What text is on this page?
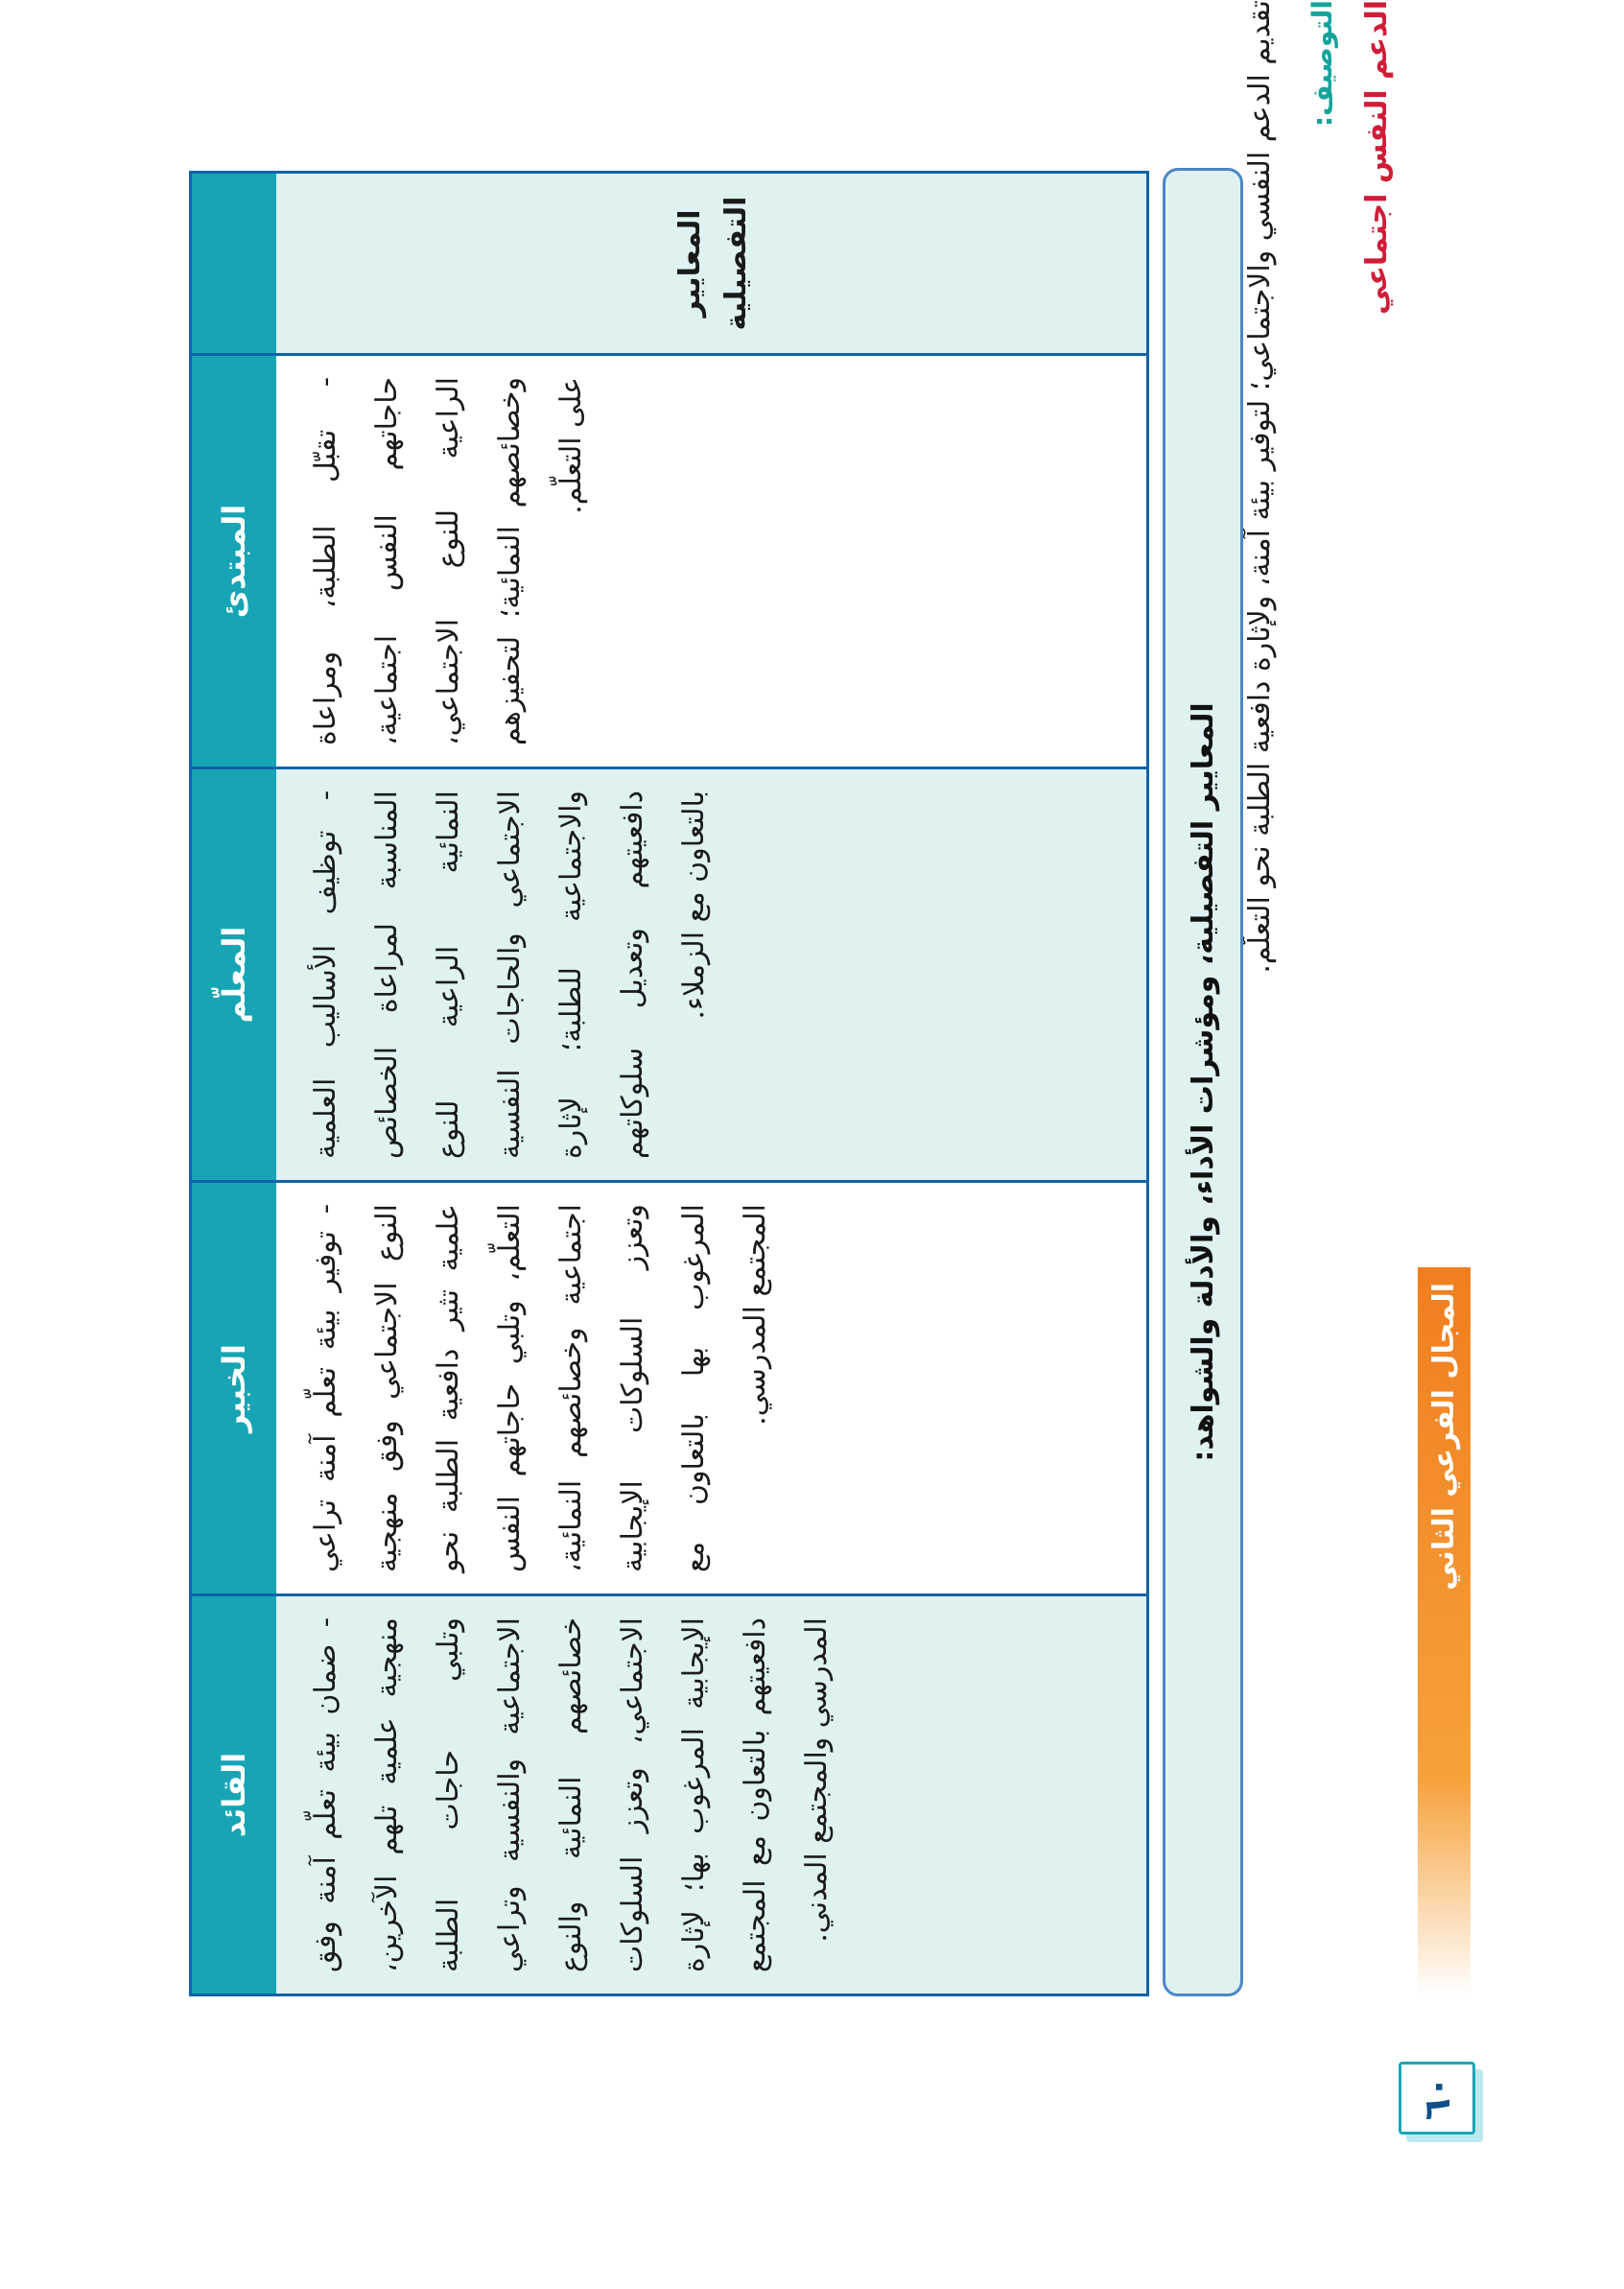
٦٠
المجال الفرعي الثاني
الدعم النفس اجتماعي
التوصيف:
تقديم الدعم النفسي والاجتماعي؛ لتوفير بيئة آمنة، ولإثارة دافعية الطلبة نحو التعلّم.
المعايير التفصيلية، ومؤشرات الأداء، والأدلة والشواهد:
المبتدئ
المعلّم
الخبير
القائد
المعايير التفصيلية
- تقبّل الطلبة، ومراعاة حاجاتهم النفس اجتماعية، الراعية للنوع الاجتماعي، وخصائصهم النمائية؛ لتحفيزهم على التعلّم.
- توظيف الأساليب العلمية المناسبة لمراعاة الخصائص النمائية الراعية للنوع الاجتماعي والحاجات النفسية والاجتماعية للطلبة؛ لإثارة دافعيتهم وتعديل سلوكاتهم بالتعاون مع الزملاء.
- توفير بيئة تعلّم آمنة تراعي النوع الاجتماعي وفق منهجية علمية تثير دافعية الطلبة نحو التعلّم، وتلبي حاجاتهم النفس اجتماعية وخصائصهم النمائية، وتعزز السلوكات الإيجابية المرغوب بها بالتعاون مع المجتمع المدرسي.
- ضمان بيئة تعلّم آمنة وفق منهجية علمية تلهم الآخرين، وتلبي حاجات الطلبة الاجتماعية والنفسية وتراعي خصائصهم النمائية والنوع الاجتماعي، وتعزز السلوكات الإيجابية المرغوب بها؛ لإثارة دافعيتهم بالتعاون مع المجتمع المدرسي والمجتمع المدني.
